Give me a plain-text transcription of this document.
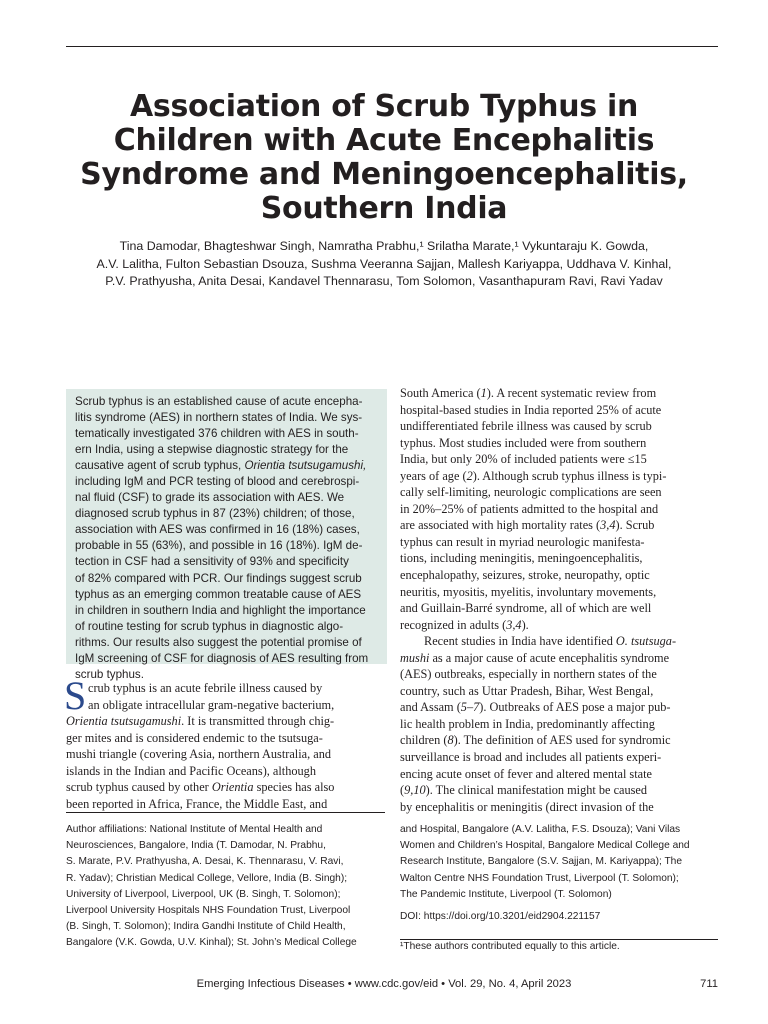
Association of Scrub Typhus in
Children with Acute Encephalitis
Syndrome and Meningoencephalitis,
Southern India
Tina Damodar, Bhagteshwar Singh, Namratha Prabhu,¹ Srilatha Marate,¹ Vykuntaraju K. Gowda,
A.V. Lalitha, Fulton Sebastian Dsouza, Sushma Veeranna Sajjan, Mallesh Kariyappa, Uddhava V. Kinhal,
P.V. Prathyusha, Anita Desai, Kandavel Thennarasu, Tom Solomon, Vasanthapuram Ravi, Ravi Yadav
Scrub typhus is an established cause of acute encepha-
litis syndrome (AES) in northern states of India. We sys-
tematically investigated 376 children with AES in south-
ern India, using a stepwise diagnostic strategy for the
causative agent of scrub typhus, Orientia tsutsugamushi,
including IgM and PCR testing of blood and cerebrospi-
nal fluid (CSF) to grade its association with AES. We
diagnosed scrub typhus in 87 (23%) children; of those,
association with AES was confirmed in 16 (18%) cases,
probable in 55 (63%), and possible in 16 (18%). IgM de-
tection in CSF had a sensitivity of 93% and specificity
of 82% compared with PCR. Our findings suggest scrub
typhus as an emerging common treatable cause of AES
in children in southern India and highlight the importance
of routine testing for scrub typhus in diagnostic algo-
rithms. Our results also suggest the potential promise of
IgM screening of CSF for diagnosis of AES resulting from
scrub typhus.
S crub typhus is an acute febrile illness caused by
an obligate intracellular gram-negative bacterium,
Orientia tsutsugamushi. It is transmitted through chig-
ger mites and is considered endemic to the tsutsuga-
mushi triangle (covering Asia, northern Australia, and
islands in the Indian and Pacific Oceans), although
scrub typhus caused by other Orientia species has also
been reported in Africa, France, the Middle East, and
South America (1). A recent systematic review from
hospital-based studies in India reported 25% of acute
undifferentiated febrile illness was caused by scrub
typhus. Most studies included were from southern
India, but only 20% of included patients were ≤15
years of age (2). Although scrub typhus illness is typi-
cally self-limiting, neurologic complications are seen
in 20%–25% of patients admitted to the hospital and
are associated with high mortality rates (3,4). Scrub
typhus can result in myriad neurologic manifesta-
tions, including meningitis, meningoencephalitis,
encephalopathy, seizures, stroke, neuropathy, optic
neuritis, myositis, myelitis, involuntary movements,
and Guillain-Barré syndrome, all of which are well
recognized in adults (3,4).
Recent studies in India have identified O. tsutsuga-
mushi as a major cause of acute encephalitis syndrome
(AES) outbreaks, especially in northern states of the
country, such as Uttar Pradesh, Bihar, West Bengal,
and Assam (5–7). Outbreaks of AES pose a major pub-
lic health problem in India, predominantly affecting
children (8). The definition of AES used for syndromic
surveillance is broad and includes all patients experi-
encing acute onset of fever and altered mental state
(9,10). The clinical manifestation might be caused
by encephalitis or meningitis (direct invasion of the
Author affiliations: National Institute of Mental Health and
Neurosciences, Bangalore, India (T. Damodar, N. Prabhu,
S. Marate, P.V. Prathyusha, A. Desai, K. Thennarasu, V. Ravi,
R. Yadav); Christian Medical College, Vellore, India (B. Singh);
University of Liverpool, Liverpool, UK (B. Singh, T. Solomon);
Liverpool University Hospitals NHS Foundation Trust, Liverpool
(B. Singh, T. Solomon); Indira Gandhi Institute of Child Health,
Bangalore (V.K. Gowda, U.V. Kinhal); St. John’s Medical College
and Hospital, Bangalore (A.V. Lalitha, F.S. Dsouza); Vani Vilas
Women and Children’s Hospital, Bangalore Medical College and
Research Institute, Bangalore (S.V. Sajjan, M. Kariyappa); The
Walton Centre NHS Foundation Trust, Liverpool (T. Solomon);
The Pandemic Institute, Liverpool (T. Solomon)
DOI: https://doi.org/10.3201/eid2904.221157
¹These authors contributed equally to this article.
Emerging Infectious Diseases • www.cdc.gov/eid • Vol. 29, No. 4, April 2023	711
